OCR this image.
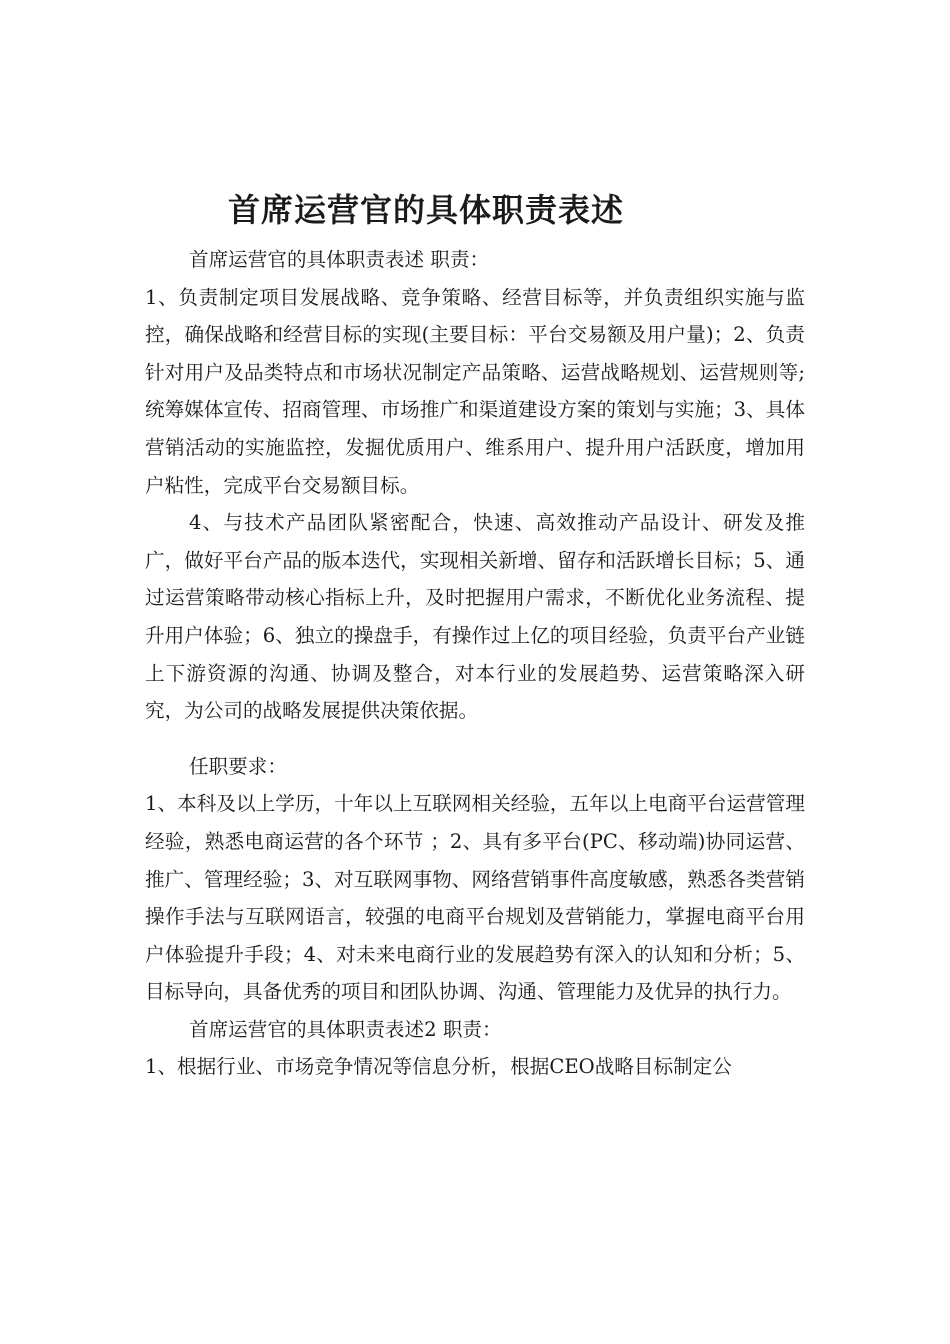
首席运营官的具体职责表述

首席运营官的具体职责表述 职责：

1、负责制定项目发展战略、竞争策略、经营目标等，并负责组织实施与监控，确保战略和经营目标的实现(主要目标：平台交易额及用户量)；2、负责针对用户及品类特点和市场状况制定产品策略、运营战略规划、运营规则等;统筹媒体宣传、招商管理、市场推广和渠道建设方案的策划与实施；3、具体营销活动的实施监控，发掘优质用户、维系用户、提升用户活跃度，增加用户粘性，完成平台交易额目标。

4、与技术产品团队紧密配合，快速、高效推动产品设计、研发及推广，做好平台产品的版本迭代，实现相关新增、留存和活跃增长目标；5、通过运营策略带动核心指标上升，及时把握用户需求，不断优化业务流程、提升用户体验；6、独立的操盘手，有操作过上亿的项目经验，负责平台产业链上下游资源的沟通、协调及整合，对本行业的发展趋势、运营策略深入研究，为公司的战略发展提供决策依据。

任职要求：

1、本科及以上学历，十年以上互联网相关经验，五年以上电商平台运营管理经验，熟悉电商运营的各个环节 ；2、具有多平台(PC、移动端)协同运营、推广、管理经验；3、对互联网事物、网络营销事件高度敏感，熟悉各类营销操作手法与互联网语言，较强的电商平台规划及营销能力，掌握电商平台用户体验提升手段；4、对未来电商行业的发展趋势有深入的认知和分析；5、目标导向，具备优秀的项目和团队协调、沟通、管理能力及优异的执行力。

首席运营官的具体职责表述2 职责：

1、根据行业、市场竞争情况等信息分析，根据CEO战略目标制定公
